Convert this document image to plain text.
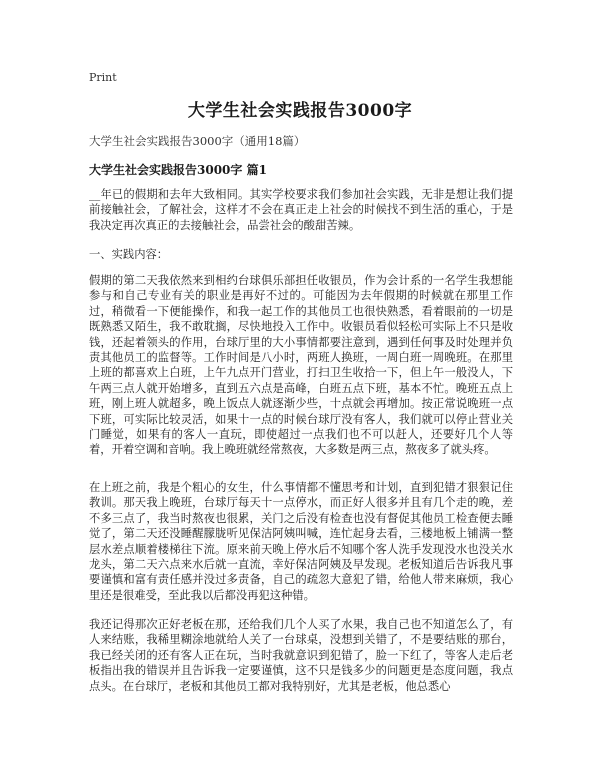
Print
大学生社会实践报告3000字
大学生社会实践报告3000字（通用18篇）
大学生社会实践报告3000字 篇1
__年已的假期和去年大致相同。其实学校要求我们参加社会实践，无非是想让我们提前接触社会，了解社会，这样才不会在真正走上社会的时候找不到生活的重心，于是我决定再次真正的去接触社会，品尝社会的酸甜苦辣。
一、实践内容：
假期的第二天我依然来到相约台球俱乐部担任收银员，作为会计系的一名学生我想能参与和自己专业有关的职业是再好不过的。可能因为去年假期的时候就在那里工作过，稍微看一下便能操作，和我一起工作的其他员工也很快熟悉，看着眼前的一切是既熟悉又陌生，我不敢耽搁，尽快地投入工作中。收银员看似轻松可实际上不只是收钱，还起着领头的作用，台球厅里的大小事情都要注意到，遇到任何事及时处理并负责其他员工的监督等。工作时间是八小时，两班人换班，一周白班一周晚班。在那里上班的都喜欢上白班，上午九点开门营业，打扫卫生收拾一下，但上午一般没人，下午两三点人就开始增多，直到五六点是高峰，白班五点下班，基本不忙。晚班五点上班，刚上班人就超多，晚上饭点人就逐渐少些，十点就会再增加。按正常说晚班一点下班，可实际比较灵活，如果十一点的时候台球厅没有客人，我们就可以停止营业关门睡觉，如果有的客人一直玩，即使超过一点我们也不可以赶人，还要好几个人等着，开着空调和音响。我上晚班就经常熬夜，大多数是两三点，熬夜多了就头疼。
在上班之前，我是个粗心的女生，什么事情都不懂思考和计划，直到犯错才狠狠记住教训。那天我上晚班，台球厅每天十一点停水，而正好人很多并且有几个走的晚，差不多三点了，我当时熬夜也很累，关门之后没有检查也没有督促其他员工检查便去睡觉了，第二天还没睡醒朦胧听见保洁阿姨叫喊，连忙起身去看，三楼地板上铺满一整层水差点顺着楼梯往下流。原来前天晚上停水后不知哪个客人洗手发现没水也没关水龙头，第二天六点来水后就一直流，幸好保洁阿姨及早发现。老板知道后告诉我凡事要谨慎和富有责任感并没过多责备，自己的疏忽大意犯了错，给他人带来麻烦，我心里还是很难受，至此我以后都没再犯这种错。
我还记得那次正好老板在那，还给我们几个人买了水果，我自己也不知道怎么了，有人来结账，我稀里糊涂地就给人关了一台球桌，没想到关错了，不是要结账的那台，我已经关闭的还有客人正在玩，当时我就意识到犯错了，脸一下红了，等客人走后老板指出我的错误并且告诉我一定要谨慎，这不只是钱多少的问题更是态度问题，我点点头。在台球厅，老板和其他员工都对我特别好，尤其是老板，他总悉心
